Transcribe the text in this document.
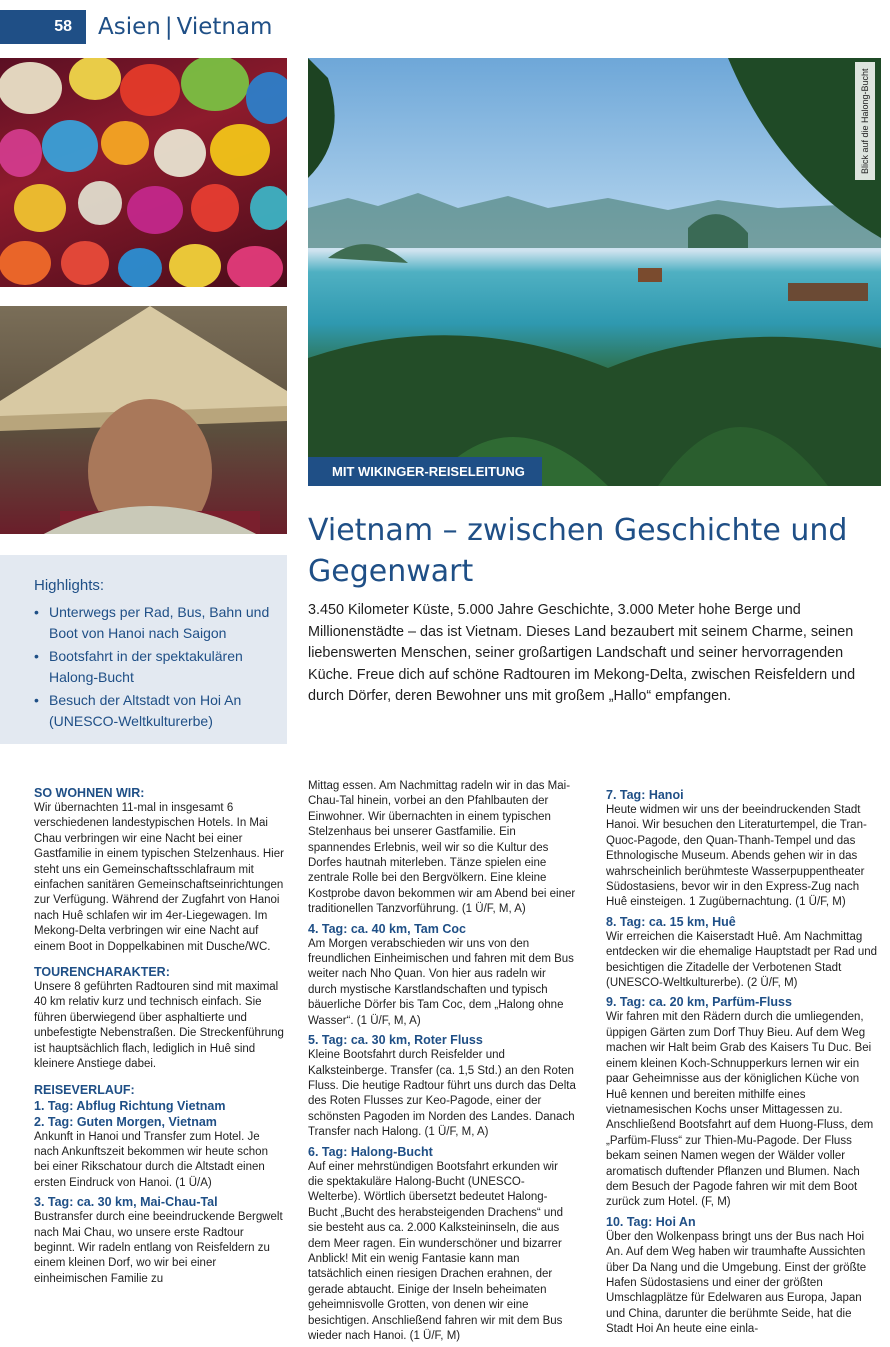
58	Asien | Vietnam
Blick auf die Halong-Bucht
MIT WIKINGER-REISELEITUNG
Vietnam – zwischen Geschichte und Gegenwart
3.450 Kilometer Küste, 5.000 Jahre Geschichte, 3.000 Meter hohe Berge und Millionenstädte – das ist Vietnam. Dieses Land bezaubert mit seinem Charme, seinen liebenswerten Menschen, seiner großartigen Landschaft und seiner hervorragenden Küche. Freue dich auf schöne Radtouren im Mekong-Delta, zwischen Reisfeldern und durch Dörfer, deren Bewohner uns mit großem „Hallo“ empfangen.
Highlights:
• Unterwegs per Rad, Bus, Bahn und Boot von Hanoi nach Saigon
• Bootsfahrt in der spektakulären Halong-Bucht
• Besuch der Altstadt von Hoi An (UNESCO-Weltkulturerbe)
SO WOHNEN WIR:

Wir übernachten 11-mal in insgesamt 6 verschiedenen landestypischen Hotels. In Mai Chau verbringen wir eine Nacht bei einer Gastfamilie in einem typischen Stelzenhaus. Hier steht uns ein Gemeinschaftsschlafraum mit einfachen sanitären Gemeinschaftseinrichtungen zur Verfügung. Während der Zugfahrt von Hanoi nach Huê schlafen wir im 4er-Liegewagen. Im Mekong-Delta verbringen wir eine Nacht auf einem Boot in Doppelkabinen mit Dusche/WC.

TOURENCHARAKTER:

Unsere 8 geführten Radtouren sind mit maximal 40 km relativ kurz und technisch einfach. Sie führen überwiegend über asphaltierte und unbefestigte Nebenstraßen. Die Streckenführung ist hauptsächlich flach, lediglich in Huê sind kleinere Anstiege dabei.

REISEVERLAUF:
1. Tag: Abflug Richtung Vietnam
2. Tag: Guten Morgen, Vietnam

Ankunft in Hanoi und Transfer zum Hotel. Je nach Ankunftszeit bekommen wir heute schon bei einer Rikschatour durch die Altstadt einen ersten Eindruck von Hanoi. (1 Ü/A)

3. Tag: ca. 30 km, Mai-Chau-Tal

Bustransfer durch eine beeindruckende Bergwelt nach Mai Chau, wo unsere erste Radtour beginnt. Wir radeln entlang von Reisfeldern zu einem kleinen Dorf, wo wir bei einer einheimischen Familie zu

Mittag essen. Am Nachmittag radeln wir in das Mai-Chau-Tal hinein, vorbei an den Pfahlbauten der Einwohner. Wir übernachten in einem typischen Stelzenhaus bei unserer Gastfamilie. Ein spannendes Erlebnis, weil wir so die Kultur des Dorfes hautnah miterleben. Tänze spielen eine zentrale Rolle bei den Bergvölkern. Eine kleine Kostprobe davon bekommen wir am Abend bei einer traditionellen Tanzvorführung. (1 Ü/F, M, A)

4. Tag: ca. 40 km, Tam Coc

Am Morgen verabschieden wir uns von den freundlichen Einheimischen und fahren mit dem Bus weiter nach Nho Quan. Von hier aus radeln wir durch mystische Karstlandschaften und typisch bäuerliche Dörfer bis Tam Coc, dem „Halong ohne Wasser“. (1 Ü/F, M, A)

5. Tag: ca. 30 km, Roter Fluss

Kleine Bootsfahrt durch Reisfelder und Kalksteinberge. Transfer (ca. 1,5 Std.) an den Roten Fluss. Die heutige Radtour führt uns durch das Delta des Roten Flusses zur Keo-Pagode, einer der schönsten Pagoden im Norden des Landes. Danach Transfer nach Halong. (1 Ü/F, M, A)

6. Tag: Halong-Bucht

Auf einer mehrstündigen Bootsfahrt erkunden wir die spektakuläre Halong-Bucht (UNESCO-Welterbe). Wörtlich übersetzt bedeutet Halong-Bucht „Bucht des herabsteigenden Drachens“ und sie besteht aus ca. 2.000 Kalksteininseln, die aus dem Meer ragen. Ein wunderschöner und bizarrer Anblick! Mit ein wenig Fantasie kann man tatsächlich einen riesigen Drachen erahnen, der gerade abtaucht. Einige der Inseln beheimaten geheimnisvolle Grotten, von denen wir eine besichtigen. Anschließend fahren wir mit dem Bus wieder nach Hanoi. (1 Ü/F, M)

7. Tag: Hanoi

Heute widmen wir uns der beeindruckenden Stadt Hanoi. Wir besuchen den Literaturtempel, die Tran-Quoc-Pagode, den Quan-Thanh-Tempel und das Ethnologische Museum. Abends gehen wir in das wahrscheinlich berühmteste Wasserpuppentheater Südostasiens, bevor wir in den Express-Zug nach Huê einsteigen. 1 Zugübernachtung. (1 Ü/F, M)

8. Tag: ca. 15 km, Huê

Wir erreichen die Kaiserstadt Huê. Am Nachmittag entdecken wir die ehemalige Hauptstadt per Rad und besichtigen die Zitadelle der Verbotenen Stadt (UNESCO-Weltkulturerbe). (2 Ü/F, M)

9. Tag: ca. 20 km, Parfüm-Fluss

Wir fahren mit den Rädern durch die umliegenden, üppigen Gärten zum Dorf Thuy Bieu. Auf dem Weg machen wir Halt beim Grab des Kaisers Tu Duc. Bei einem kleinen Koch-Schnupperkurs lernen wir ein paar Geheimnisse aus der königlichen Küche von Huê kennen und bereiten mithilfe eines vietnamesischen Kochs unser Mittagessen zu. Anschließend Bootsfahrt auf dem Huong-Fluss, dem „Parfüm-Fluss“ zur Thien-Mu-Pagode. Der Fluss bekam seinen Namen wegen der Wälder voller aromatisch duftender Pflanzen und Blumen. Nach dem Besuch der Pagode fahren wir mit dem Boot zurück zum Hotel. (F, M)

10. Tag: Hoi An

Über den Wolkenpass bringt uns der Bus nach Hoi An. Auf dem Weg haben wir traumhafte Aussichten über Da Nang und die Umgebung. Einst der größte Hafen Südostasiens und einer der größten Umschlagplätze für Edelwaren aus Europa, Japan und China, darunter die berühmte Seide, hat die Stadt Hoi An heute eine einla-
